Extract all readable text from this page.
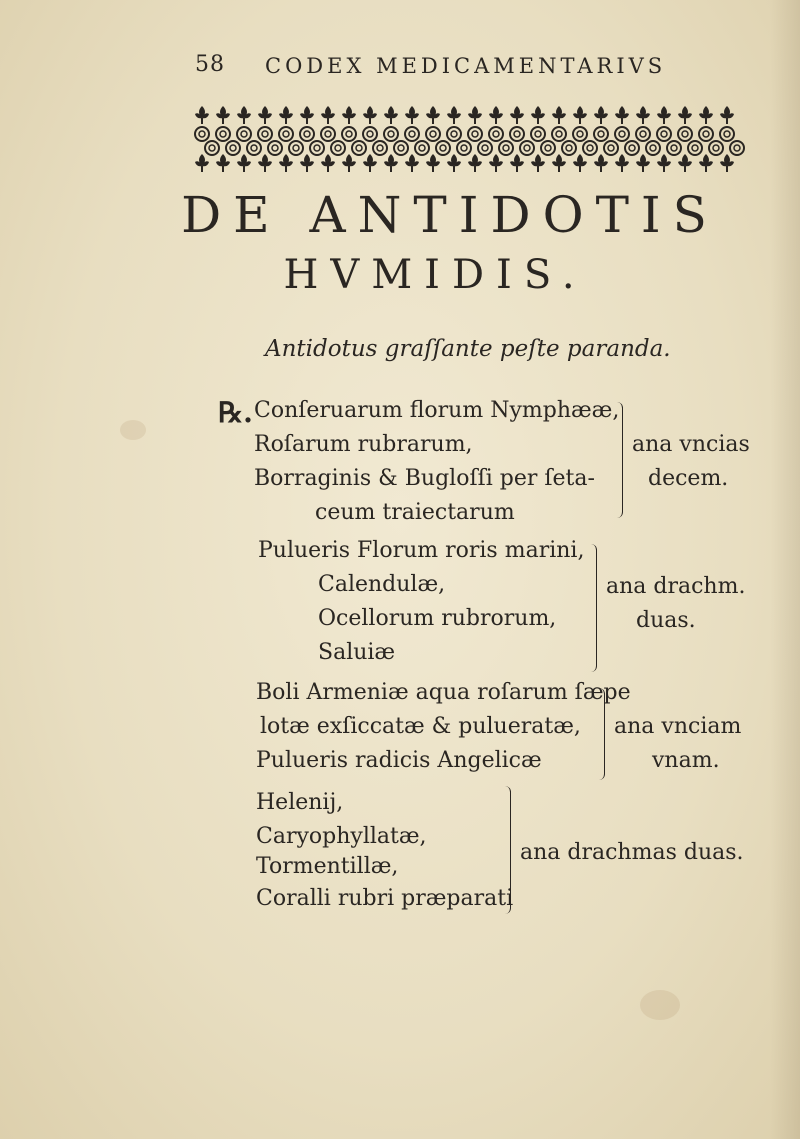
58 CODEX MEDICAMENTARIVS
DE ANTIDOTIS
HVMIDIS.
Antidotus graſſante peſte paranda.
℞. Conſeruarum florum Nymphææ,
Roſarum rubrarum,
Borraginis & Bugloſſi per ſeta-
ceum traiectarum
ana vncias
decem.
Pulueris Florum roris marini,
Calendulæ,
Ocellorum rubrorum,
Saluiæ
ana drachm.
duas.
Boli Armeniæ aqua roſarum ſæpe
lotæ exſiccatæ & pulueratæ,
Pulueris radicis Angelicæ
ana vnciam
vnam.
Helenij,
Caryophyllatæ,
Tormentillæ,
Coralli rubri præparati
ana drachmas duas.
